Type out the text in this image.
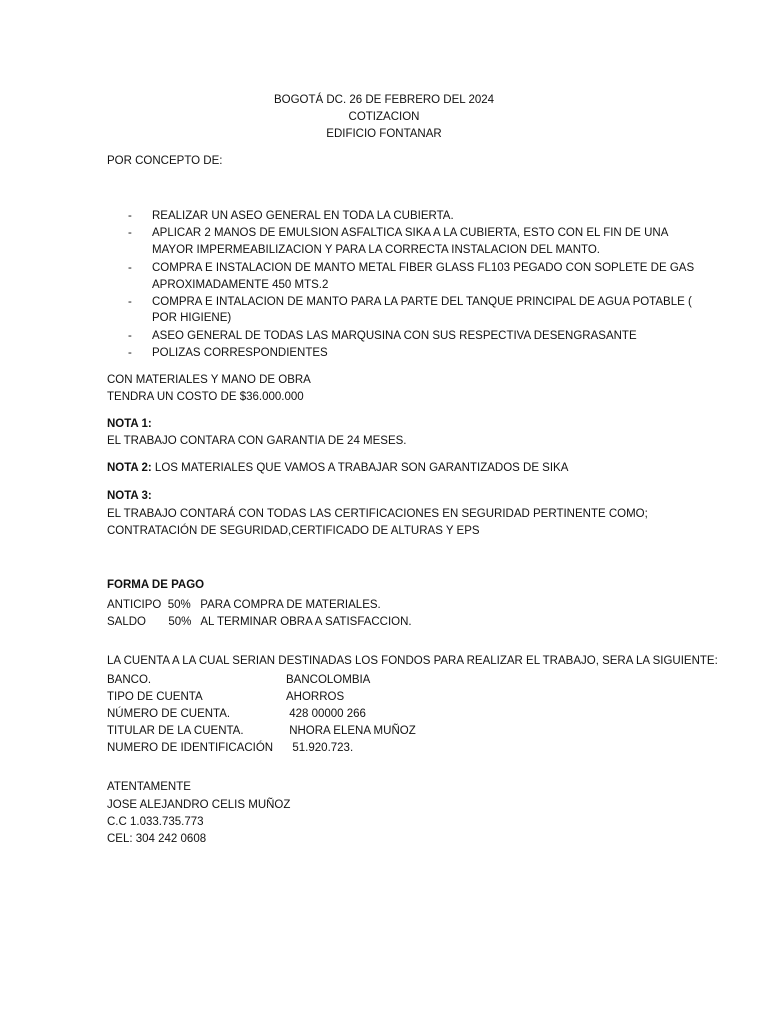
BOGOTÁ DC. 26 DE FEBRERO DEL 2024
COTIZACION
EDIFICIO FONTANAR
POR CONCEPTO DE:
- REALIZAR UN ASEO GENERAL EN TODA LA CUBIERTA.
- APLICAR 2 MANOS DE EMULSION ASFALTICA SIKA A LA CUBIERTA, ESTO CON EL FIN DE UNA
MAYOR IMPERMEABILIZACION Y PARA LA CORRECTA INSTALACION DEL MANTO.
- COMPRA E INSTALACION DE MANTO METAL FIBER GLASS FL103 PEGADO CON SOPLETE DE GAS
APROXIMADAMENTE 450 MTS.2
- COMPRA E INTALACION DE MANTO PARA LA PARTE DEL TANQUE PRINCIPAL DE AGUA POTABLE (
POR HIGIENE)
- ASEO GENERAL DE TODAS LAS MARQUSINA CON SUS RESPECTIVA DESENGRASANTE
- POLIZAS CORRESPONDIENTES
CON MATERIALES Y MANO DE OBRA
TENDRA UN COSTO DE $36.000.000
NOTA 1:
EL TRABAJO CONTARA CON GARANTIA DE 24 MESES.
NOTA 2: LOS MATERIALES QUE VAMOS A TRABAJAR SON GARANTIZADOS DE SIKA
NOTA 3:
EL TRABAJO CONTARÁ CON TODAS LAS CERTIFICACIONES EN SEGURIDAD PERTINENTE COMO;
CONTRATACIÓN DE SEGURIDAD,CERTIFICADO DE ALTURAS Y EPS
FORMA DE PAGO
ANTICIPO  50%   PARA COMPRA DE MATERIALES.
SALDO       50%   AL TERMINAR OBRA A SATISFACCION.
LA CUENTA A LA CUAL SERIAN DESTINADAS LOS FONDOS PARA REALIZAR EL TRABAJO, SERA LA SIGUIENTE:
BANCO.	BANCOLOMBIA
TIPO DE CUENTA	AHORROS
NÚMERO DE CUENTA.	428 00000 266
TITULAR DE LA CUENTA.	NHORA ELENA MUÑOZ
NUMERO DE IDENTIFICACIÓN 51.920.723.
ATENTAMENTE
JOSE ALEJANDRO CELIS MUÑOZ
C.C 1.033.735.773
CEL: 304 242 0608
